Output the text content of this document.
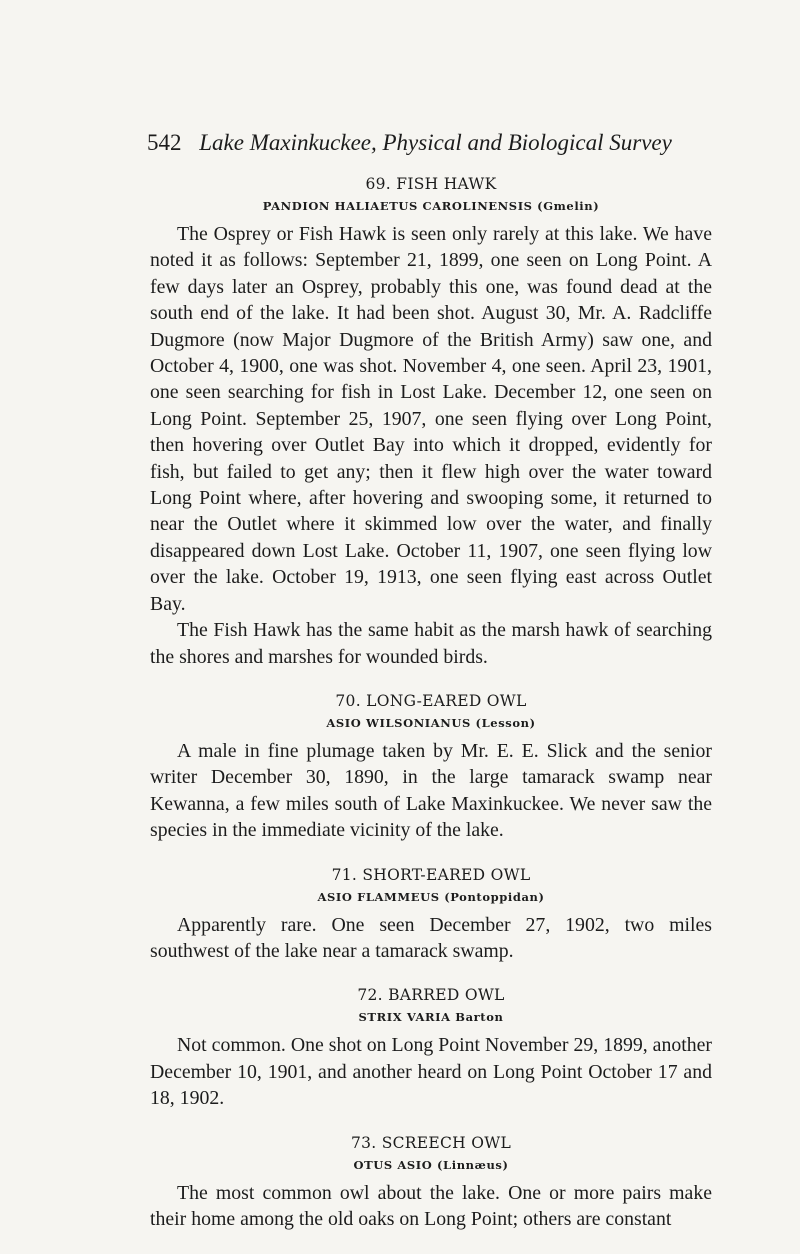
542 Lake Maxinkuckee, Physical and Biological Survey
69. FISH HAWK
PANDION HALIAETUS CAROLINENSIS (Gmelin)

The Osprey or Fish Hawk is seen only rarely at this lake. We have noted it as follows: September 21, 1899, one seen on Long Point. A few days later an Osprey, probably this one, was found dead at the south end of the lake. It had been shot. August 30, Mr. A. Radcliffe Dugmore (now Major Dugmore of the British Army) saw one, and October 4, 1900, one was shot. November 4, one seen. April 23, 1901, one seen searching for fish in Lost Lake. December 12, one seen on Long Point. September 25, 1907, one seen flying over Long Point, then hovering over Outlet Bay into which it dropped, evidently for fish, but failed to get any; then it flew high over the water toward Long Point where, after hovering and swooping some, it returned to near the Outlet where it skimmed low over the water, and finally disappeared down Lost Lake. October 11, 1907, one seen flying low over the lake. October 19, 1913, one seen flying east across Outlet Bay.

The Fish Hawk has the same habit as the marsh hawk of searching the shores and marshes for wounded birds.

70. LONG-EARED OWL
ASIO WILSONIANUS (Lesson)

A male in fine plumage taken by Mr. E. E. Slick and the senior writer December 30, 1890, in the large tamarack swamp near Kewanna, a few miles south of Lake Maxinkuckee. We never saw the species in the immediate vicinity of the lake.

71. SHORT-EARED OWL
ASIO FLAMMEUS (Pontoppidan)

Apparently rare. One seen December 27, 1902, two miles southwest of the lake near a tamarack swamp.

72. BARRED OWL
STRIX VARIA Barton

Not common. One shot on Long Point November 29, 1899, another December 10, 1901, and another heard on Long Point October 17 and 18, 1902.

73. SCREECH OWL
OTUS ASIO (Linnæus)

The most common owl about the lake. One or more pairs make their home among the old oaks on Long Point; others are constant
